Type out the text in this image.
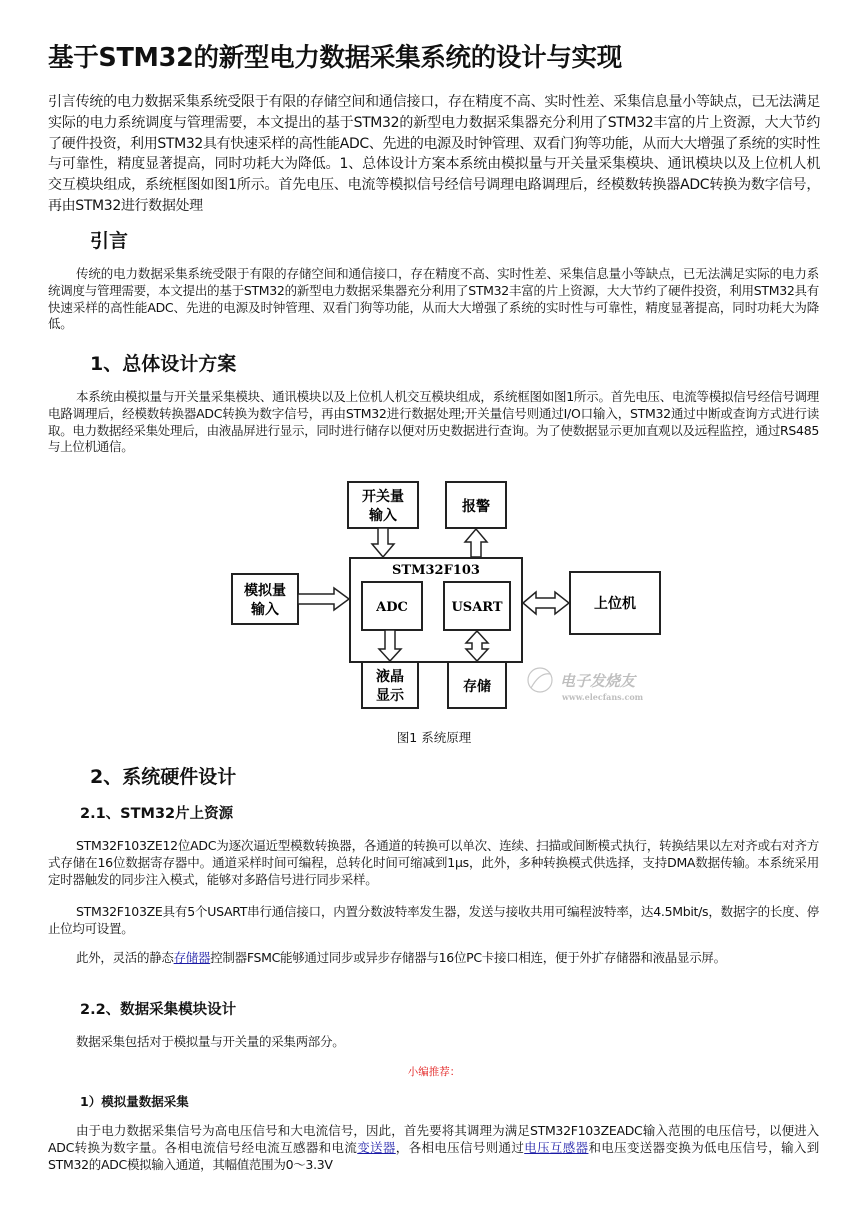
基于STM32的新型电力数据采集系统的设计与实现

引言传统的电力数据采集系统受限于有限的存储空间和通信接口，存在精度不高、实时性差、采集信息量小等缺点，已无法满足实际的电力系统调度与管理需要，本文提出的基于STM32的新型电力数据采集器充分利用了STM32丰富的片上资源，大大节约了硬件投资，利用STM32具有快速采样的高性能ADC、先进的电源及时钟管理、双看门狗等功能，从而大大增强了系统的实时性与可靠性，精度显著提高，同时功耗大为降低。1、总体设计方案本系统由模拟量与开关量采集模块、通讯模块以及上位机人机交互模块组成，系统框图如图1所示。首先电压、电流等模拟信号经信号调理电路调理后，经模数转换器ADC转换为数字信号，再由STM32进行数据处理

引言

传统的电力数据采集系统受限于有限的存储空间和通信接口，存在精度不高、实时性差、采集信息量小等缺点，已无法满足实际的电力系统调度与管理需要，本文提出的基于STM32的新型电力数据采集器充分利用了STM32丰富的片上资源，大大节约了硬件投资，利用STM32具有快速采样的高性能ADC、先进的电源及时钟管理、双看门狗等功能，从而大大增强了系统的实时性与可靠性，精度显著提高，同时功耗大为降低。

1、总体设计方案

本系统由模拟量与开关量采集模块、通讯模块以及上位机人机交互模块组成，系统框图如图1所示。首先电压、电流等模拟信号经信号调理电路调理后，经模数转换器ADC转换为数字信号，再由STM32进行数据处理;开关量信号则通过I/O口输入，STM32通过中断或查询方式进行读取。电力数据经采集处理后，由液晶屏进行显示，同时进行储存以便对历史数据进行查询。为了使数据显示更加直观以及远程监控，通过RS485与上位机通信。

开关量
输入
报警
模拟量
输入
STM32F103
ADC	USART	上位机
液晶
显示
存储	电子发烧友
www.elecfans.com

图1 系统原理

2、系统硬件设计
2.1、STM32片上资源

STM32F103ZE12位ADC为逐次逼近型模数转换器，各通道的转换可以单次、连续、扫描或间断模式执行，转换结果以左对齐或右对齐方式存储在16位数据寄存器中。通道采样时间可编程，总转化时间可缩减到1μs，此外，多种转换模式供选择，支持DMA数据传输。本系统采用定时器触发的同步注入模式，能够对多路信号进行同步采样。

STM32F103ZE具有5个USART串行通信接口，内置分数波特率发生器，发送与接收共用可编程波特率，达4.5Mbit/s，数据字的长度、停止位均可设置。

此外，灵活的静态存储器控制器FSMC能够通过同步或异步存储器与16位PC卡接口相连，便于外扩存储器和液晶显示屏。

2.2、数据采集模块设计

数据采集包括对于模拟量与开关量的采集两部分。

小编推荐：

1）模拟量数据采集

由于电力数据采集信号为高电压信号和大电流信号，因此，首先要将其调理为满足STM32F103ZEADC输入范围的电压信号，以便进入ADC转换为数字量。各相电流信号经电流互感器和电流变送器，各相电压信号则通过电压互感器和电压变送器变换为低电压信号，输入到STM32的ADC模拟输入通道，其幅值范围为0～3.3V
